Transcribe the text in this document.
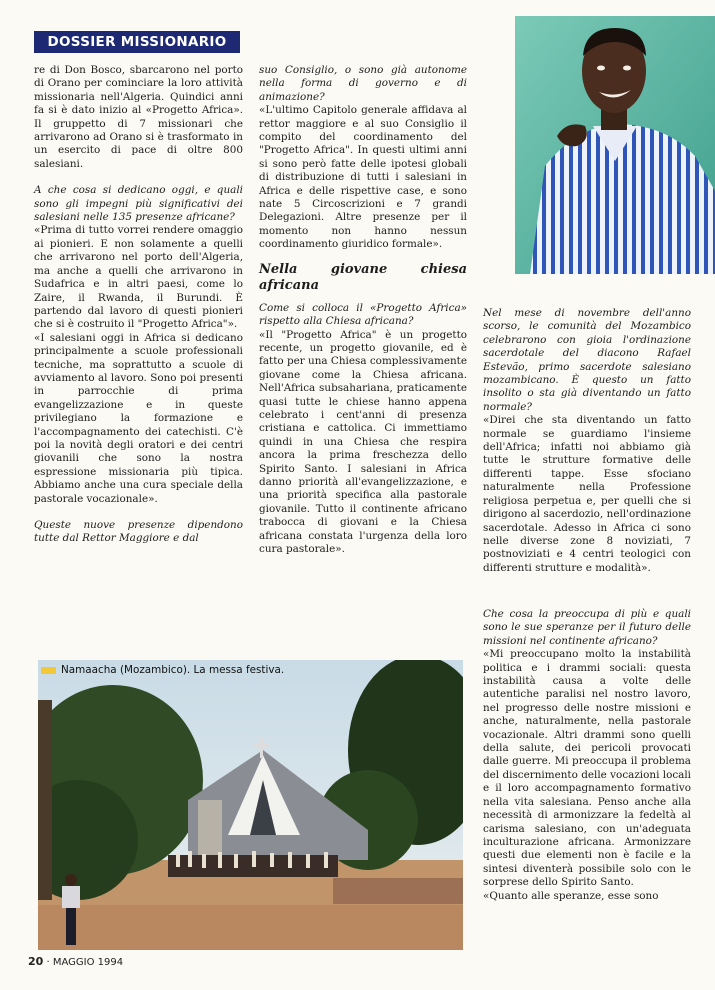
DOSSIER MISSIONARIO

re di Don Bosco, sbarcarono nel porto di Orano per cominciare la loro attività missionaria nell'Algeria. Quindici anni fa si è dato inizio al «Progetto Africa». Il gruppetto di 7 missionari che arrivarono ad Orano si è trasformato in un esercito di pace di oltre 800 salesiani.

A che cosa si dedicano oggi, e quali sono gli impegni più significativi dei salesiani nelle 135 presenze africane?

«Prima di tutto vorrei rendere omaggio ai pionieri. E non solamente a quelli che arrivarono nel porto dell'Algeria, ma anche a quelli che arrivarono in Sudafrica e in altri paesi, come lo Zaire, il Rwanda, il Burundi. È partendo dal lavoro di questi pionieri che si è costruito il "Progetto Africa"».

«I salesiani oggi in Africa si dedicano principalmente a scuole professionali tecniche, ma soprattutto a scuole di avviamento al lavoro. Sono poi presenti in parrocchie di prima evangelizzazione e in queste privilegiano la formazione e l'accompagnamento dei catechisti. C'è poi la novità degli oratori e dei centri giovanili che sono la nostra espressione missionaria più tipica. Abbiamo anche una cura speciale della pastorale vocazionale».

Queste nuove presenze dipendono tutte dal Rettor Maggiore e dal

suo Consiglio, o sono già autonome nella forma di governo e di animazione?

«L'ultimo Capitolo generale affidava al rettor maggiore e al suo Consiglio il compito del coordinamento del "Progetto Africa". In questi ultimi anni si sono però fatte delle ipotesi globali di distribuzione di tutti i salesiani in Africa e delle rispettive case, e sono nate 5 Circoscrizioni e 7 grandi Delegazioni. Altre presenze per il momento non hanno nessun coordinamento giuridico formale».

Nella giovane chiesa africana

Come si colloca il «Progetto Africa» rispetto alla Chiesa africana?

«Il "Progetto Africa" è un progetto recente, un progetto giovanile, ed è fatto per una Chiesa complessivamente giovane come la Chiesa africana. Nell'Africa subsahariana, praticamente quasi tutte le chiese hanno appena celebrato i cent'anni di presenza cristiana e cattolica. Ci immettiamo quindi in una Chiesa che respira ancora la prima freschezza dello Spirito Santo. I salesiani in Africa danno priorità all'evangelizzazione, e una priorità specifica alla pastorale giovanile. Tutto il continente africano trabocca di giovani e la Chiesa africana constata l'urgenza della loro cura pastorale».

Nel mese di novembre dell'anno scorso, le comunità del Mozambico celebrarono con gioia l'ordinazione sacerdotale del diacono Rafael Estevão, primo sacerdote salesiano mozambicano. È questo un fatto insolito o sta già diventando un fatto normale?

«Direi che sta diventando un fatto normale se guardiamo l'insieme dell'Africa; infatti noi abbiamo già tutte le strutture formative delle differenti tappe. Esse sfociano naturalmente nella Professione religiosa perpetua e, per quelli che si dirigono al sacerdozio, nell'ordinazione sacerdotale. Adesso in Africa ci sono nelle diverse zone 8 noviziati, 7 postnoviziati e 4 centri teologici con differenti strutture e modalità».

Che cosa la preoccupa di più e quali sono le sue speranze per il futuro delle missioni nel continente africano?

«Mi preoccupano molto la instabilità politica e i drammi sociali: questa instabilità causa a volte delle autentiche paralisi nel nostro lavoro, nel progresso delle nostre missioni e anche, naturalmente, nella pastorale vocazionale. Altri drammi sono quelli della salute, dei pericoli provocati dalle guerre. Mi preoccupa il problema del discernimento delle vocazioni locali e il loro accompagnamento formativo nella vita salesiana. Penso anche alla necessità di armonizzare la fedeltà al carisma salesiano, con un'adeguata inculturazione africana. Armonizzare questi due elementi non è facile e la sintesi diventerà possibile solo con le sorprese dello Spirito Santo.

«Quanto alle speranze, esse sono

Namaacha (Mozambico). La messa festiva.
20 · MAGGIO 1994
